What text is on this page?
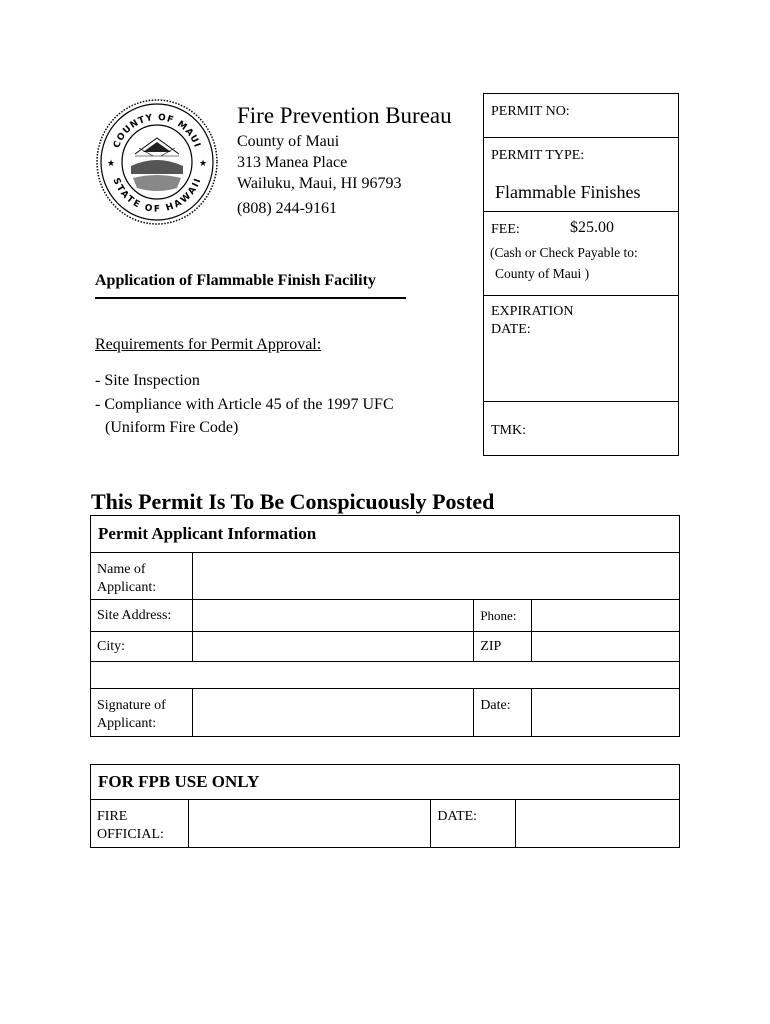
COUNTY OF MAUI
STATE OF HAWAII
★	★
Fire Prevention Bureau
County of Maui
313 Manea Place
Wailuku, Maui, HI 96793
(808) 244-9161
Application of Flammable Finish Facility
Requirements for Permit Approval:
- Site Inspection
- Compliance with Article 45 of the 1997 UFC
(Uniform Fire Code)
PERMIT NO:
PERMIT TYPE:
Flammable Finishes
FEE:	$25.00
(Cash or Check Payable to:
County of Maui )
EXPIRATION
DATE:
TMK:
This Permit Is To Be Conspicuously Posted
Permit Applicant Information			

Name of
Applicant:			

Site Address:		Phone:	
City:		ZIP	

Signature of
Applicant:		Date:	
FOR FPB USE ONLY

FIRE
OFFICIAL:
		DATE:	
